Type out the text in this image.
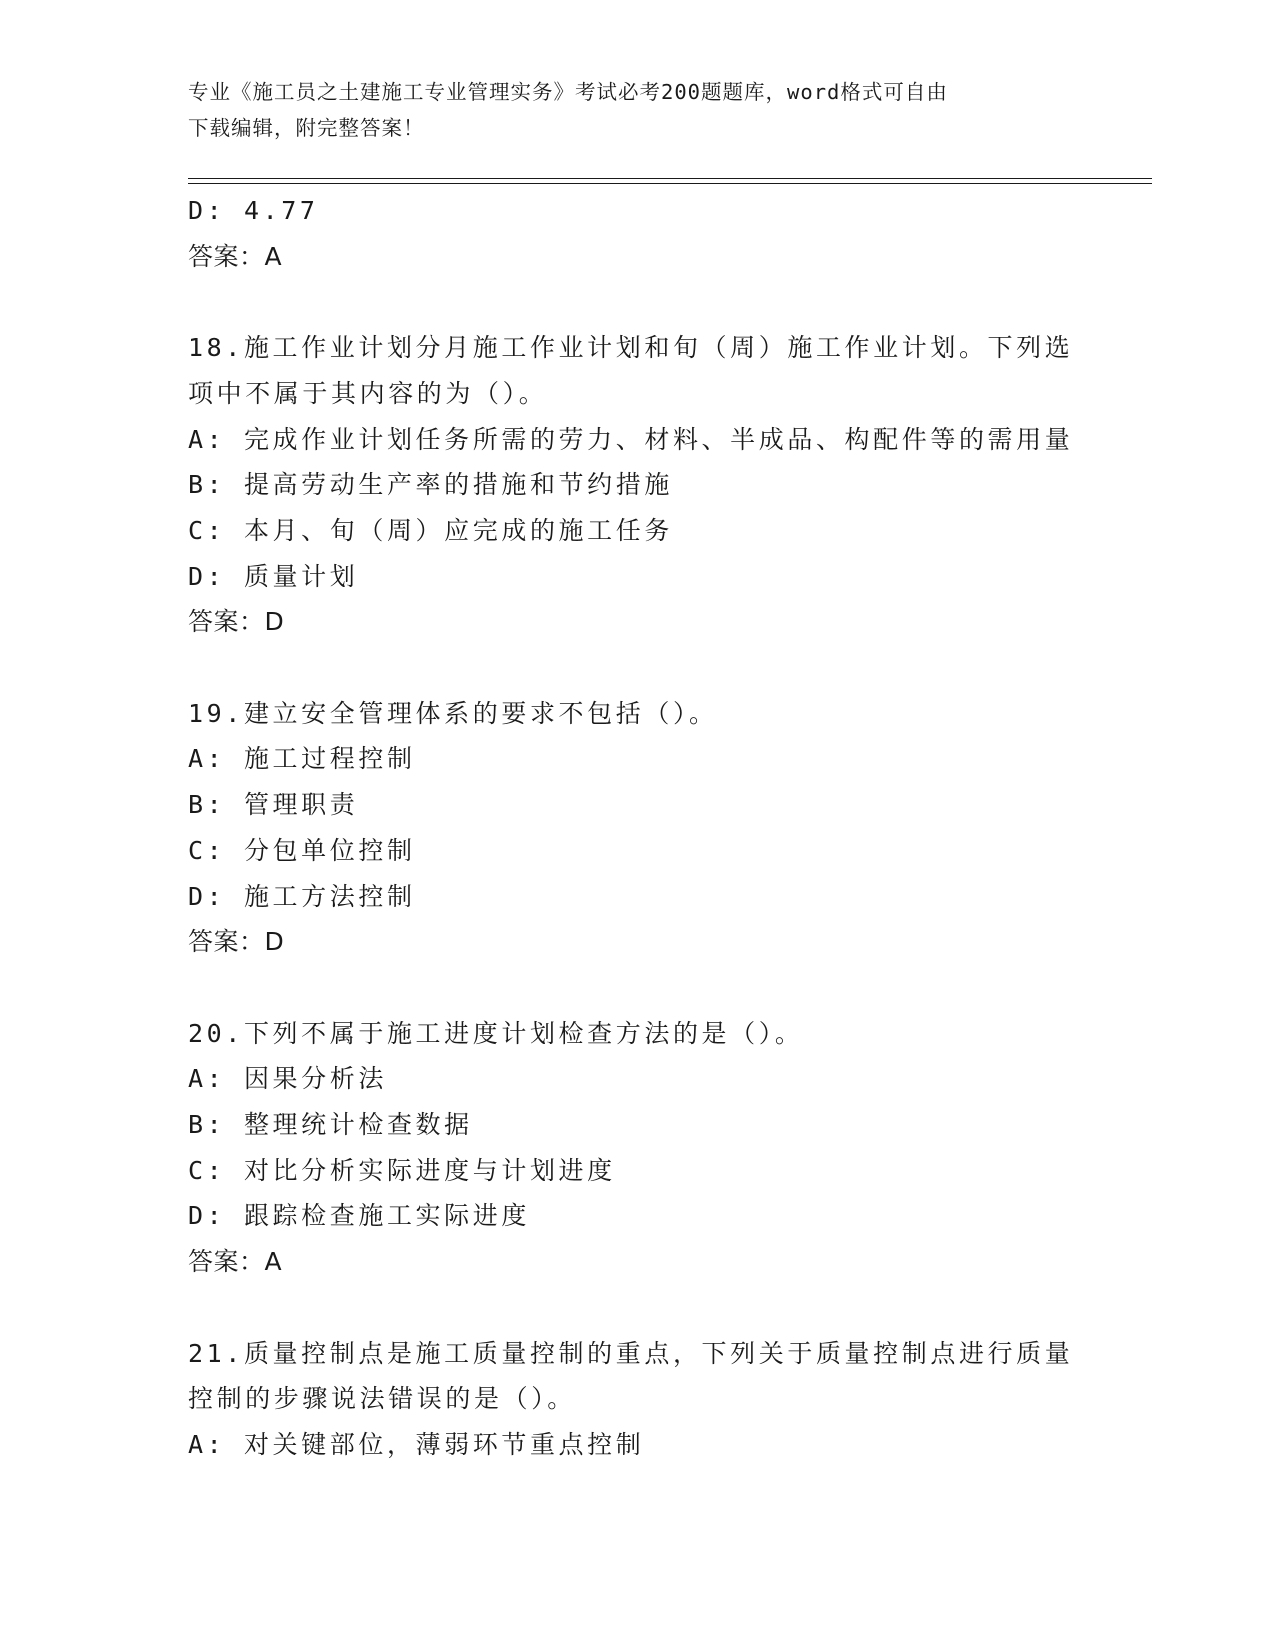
专业《施工员之土建施工专业管理实务》考试必考200题题库，word格式可自由
下载编辑，附完整答案！
D: 4.77
答案：A
18.施工作业计划分月施工作业计划和旬（周）施工作业计划。下列选
项中不属于其内容的为（）。
A: 完成作业计划任务所需的劳力、材料、半成品、构配件等的需用量
B: 提高劳动生产率的措施和节约措施
C: 本月、旬（周）应完成的施工任务
D: 质量计划
答案：D
19.建立安全管理体系的要求不包括（）。
A: 施工过程控制
B: 管理职责
C: 分包单位控制
D: 施工方法控制
答案：D
20.下列不属于施工进度计划检查方法的是（）。
A: 因果分析法
B: 整理统计检查数据
C: 对比分析实际进度与计划进度
D: 跟踪检查施工实际进度
答案：A
21.质量控制点是施工质量控制的重点，下列关于质量控制点进行质量
控制的步骤说法错误的是（）。
A: 对关键部位，薄弱环节重点控制
